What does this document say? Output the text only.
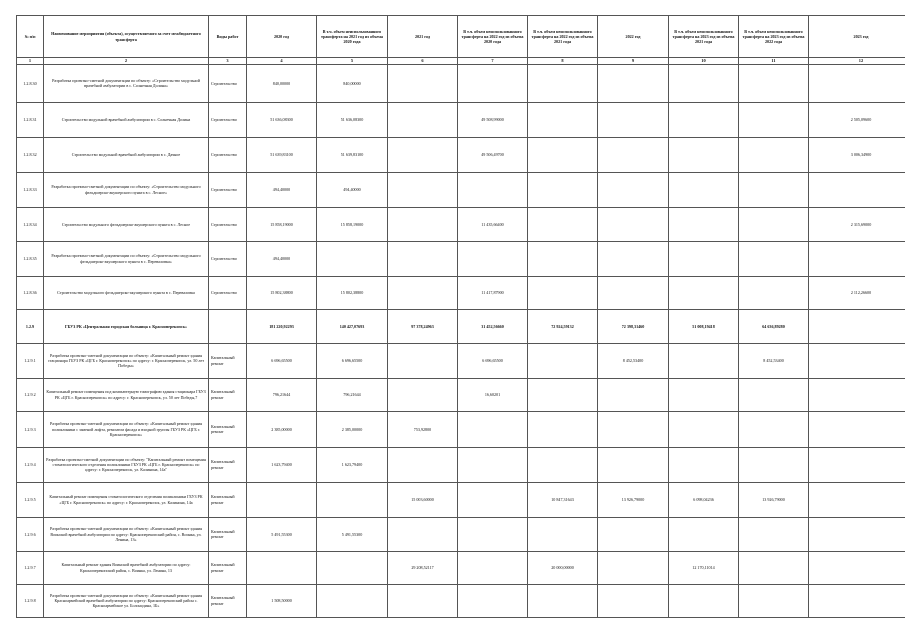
№ п/п	Наименование мероприятия (объекта), осуществляемого за счет межбюджетного трансферта	Виды работ	2020 год	В т.ч. объем неиспользованного трансферта на 2021 год из объема 2020 года	2021 год	В т.ч. объем неиспользованного трансферта на 2022 год из объема 2020 года	В т.ч. объем неиспользованного трансферта на 2022 год из объема 2021 года	2022 год	В т.ч. объем неиспользованного трансферта на 2023 год из объема 2021 года	В т.ч. объем неиспользованного трансферта на 2023 год из объема 2022 года	2023 год
1	2	3	4	5	6	7	8	9	10	11	12
1.2.8.30	Разработка проектно-сметной документации по объекту: «Строительство модульной врачебной амбулатории в с. Солнечная Долина»	Строительство	840,00000	840,00000							
1.2.8.31	Строительство модульной врачебной амбулатории в с. Солнечная Долина	Строительство	51 636,08300	51 636,08300		49 508,99000					2 505,09600
1.2.8.32	Строительство модульной врачебной амбулатории в с. Дачное	Строительство	51 639,83100	51 639,83100		49 506,49700					3 006,34900
1.2.8.33	Разработка проектно-сметной документации по объекту: «Строительство модульного фельдшерско-акушерского пункта в с. Лесное»	Строительство	494,40000	494,40000							
1.2.8.34	Строительство модульного фельдшерско-акушерского пункта в с. Лесное	Строительство	15 858,19000	15 858,19000		11 435,66400					2 315,69000
1.2.8.35	Разработка проектно-сметной документации по объекту: «Строительство модульного фельдшерско-акушерского пункта в с. Переваловка»	Строительство	494,40000								
1.2.8.36	Строительство модульного фельдшерско-акушерского пункта в с. Переваловка	Строительство	15 802,38800	15 802,38800		11 417,87900					2 112,26600
1.2.9	ГБУЗ РК «Центральная городская больница г. Красноперекопск»		181 220,92293	140 427,07693	97 378,24963	31 452,56660	72 924,59132	72 398,31460	51 008,19418	64 636,89280	
1.2.9.1	Разработка проектно-сметной документации по объекту: «Капитальный ремонт здания стационара ГБУЗ РК «ЦГБ г. Красноперекопск» по адресу: г. Красноперекопск, ул. 50 лет Победы»	Капитальный ремонт	6 696,65500	6 696,65500		6 696,65500		8 452,53400		8 452,53400	
1.2.9.2	Капитальный ремонт помещения под компьютерную томографию здания стационара ГБУЗ РК «ЦГБ г. Красноперекопск» по адресу: г. Красноперекопск, ул. 50 лет Победы,7	Капитальный ремонт	796,21644	796,21644		16,60201					
1.2.9.3	Разработка проектно-сметной документации по объекту: «Капитальный ремонт здания поликлиники с заменой лифта, ремонтом фасада и входной группы ГБУЗ РК «ЦГБ г. Красноперекопск»	Капитальный ремонт	2 385,00000	2 385,00000	753,92800						
1.2.9.4	Разработка проектно-сметной документации по объекту: "Капитальный ремонт помещения стоматологического отделения поликлиники ГБУЗ РК «ЦГБ г. Красноперекопск» по адресу: г. Красноперекопск, ул. Калинина, 14а"	Капитальный ремонт	1 623,79400	1 623,79400							
1.2.9.5	Капитальный ремонт помещения стоматологического отделения поликлиники ГБУЗ РК «ЦГБ г. Красноперекопск» по адресу: г. Красноперекопск, ул. Калинина, 14а	Капитальный ремонт			15 003,60000		10 847,31643	13 926,79000	6 098,04236	13 926,79000	
1.2.9.6	Разработка проектно-сметной документации по объекту: «Капитальный ремонт здания Воинской врачебной амбулатории по адресу: Красноперекопский район, с. Воинка, ул. Ленина, 13»	Капитальный ремонт	5 491,55300	5 491,55300							
1.2.9.7	Капитальный ремонт здания Воинской врачебной амбулатории по адресу: Красноперекопский район, с. Воинка, ул. Ленина, 13	Капитальный ремонт			29 208,52117		20 000,00000		12 170,11014		
1.2.9.8	Разработка проектно-сметной документации по объекту: «Капитальный ремонт здания Красноармейской врачебной амбулатории по адресу: Красноперекопский район с. Красноармейское ул. Болонодина, 1Б»	Капитальный ремонт	1 508,50000								
